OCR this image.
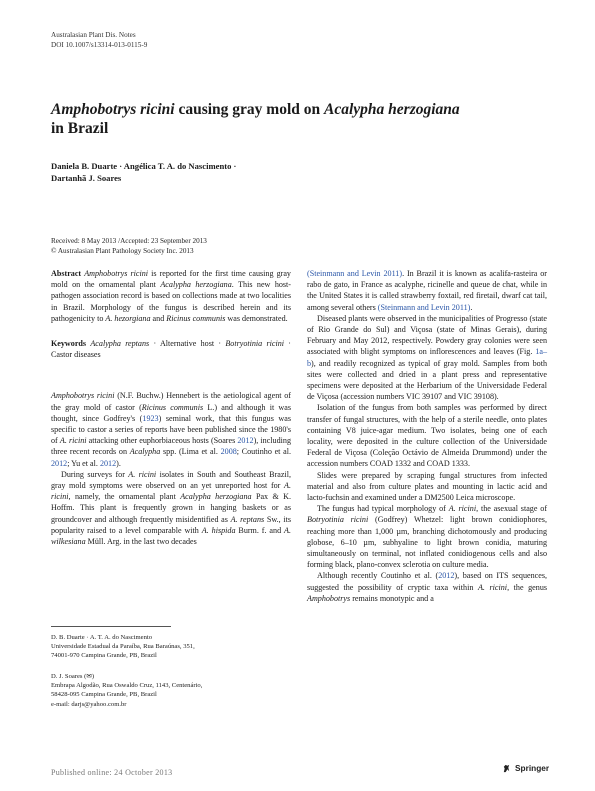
Australasian Plant Dis. Notes
DOI 10.1007/s13314-013-0115-9
Amphobotrys ricini causing gray mold on Acalypha herzogiana
in Brazil
Daniela B. Duarte · Angélica T. A. do Nascimento ·
Dartanhã J. Soares
Received: 8 May 2013 /Accepted: 23 September 2013
© Australasian Plant Pathology Society Inc. 2013

Abstract Amphobotrys ricini is reported for the first time causing gray mold on the ornamental plant Acalypha herzogiana. This new host-pathogen association record is based on collections made at two localities in Brazil. Morphology of the fungus is described herein and its pathogenicity to A. hezorgiana and Ricinus communis was demonstrated.

Keywords Acalypha reptans · Alternative host · Botryotinia ricini · Castor diseases

Amphobotrys ricini (N.F. Buchw.) Hennebert is the aetiological agent of the gray mold of castor (Ricinus communis L.) and although it was thought, since Godfrey's (1923) seminal work, that this fungus was specific to castor a series of reports have been published since the 1980's of A. ricini attacking other euphorbiaceous hosts (Soares 2012), including three recent records on Acalypha spp. (Lima et al. 2008; Coutinho et al. 2012; Yu et al. 2012).

During surveys for A. ricini isolates in South and Southeast Brazil, gray mold symptoms were observed on an yet unreported host for A. ricini, namely, the ornamental plant Acalypha herzogiana Pax & K. Hoffm. This plant is frequently grown in hanging baskets or as groundcover and although frequently misidentified as A. reptans Sw., its popularity raised to a level comparable with A. hispida Burm. f. and A. wilkesiana Müll. Arg. in the last two decades

(Steinmann and Levin 2011). In Brazil it is known as acalifa-rasteira or rabo de gato, in France as acalyphe, ricinelle and queue de chat, while in the United States it is called strawberry foxtail, red firetail, dwarf cat tail, among several others (Steinmann and Levin 2011).

Diseased plants were observed in the municipalities of Progresso (state of Rio Grande do Sul) and Viçosa (state of Minas Gerais), during February and May 2012, respectively. Powdery gray colonies were seen associated with blight symptoms on inflorescences and leaves (Fig. 1a–b), and readily recognized as typical of gray mold. Samples from both sites were collected and dried in a plant press and representative specimens were deposited at the Herbarium of the Universidade Federal de Viçosa (accession numbers VIC 39107 and VIC 39108).

Isolation of the fungus from both samples was performed by direct transfer of fungal structures, with the help of a sterile needle, onto plates containing V8 juice-agar medium. Two isolates, being one of each locality, were deposited in the culture collection of the Universidade Federal de Viçosa (Coleção Octávio de Almeida Drummond) under the accession numbers COAD 1332 and COAD 1333.

Slides were prepared by scraping fungal structures from infected material and also from culture plates and mounting in lactic acid and lacto-fuchsin and examined under a DM2500 Leica microscope.

The fungus had typical morphology of A. ricini, the asexual stage of Botryotinia ricini (Godfrey) Whetzel: light brown conidiophores, reaching more than 1,000 µm, branching dichotomously and producing globose, 6–10 µm, subhyaline to light brown conidia, maturing simultaneously on terminal, not inflated conidiogenous cells and also forming black, plano-convex sclerotia on culture media.

Although recently Coutinho et al. (2012), based on ITS sequences, suggested the possibility of cryptic taxa within A. ricini, the genus Amphobotrys remains monotypic and a

D. B. Duarte · A. T. A. do Nascimento
Universidade Estadual da Paraíba, Rua Baraúnas, 351,
74001-970 Campina Grande, PB, Brazil
D. J. Soares (✉)
Embrapa Algodão, Rua Oswaldo Cruz, 1143, Centenário,
58428-095 Campina Grande, PB, Brazil
e-mail: darjs@yahoo.com.br
Published online: 24 October 2013	Springer
